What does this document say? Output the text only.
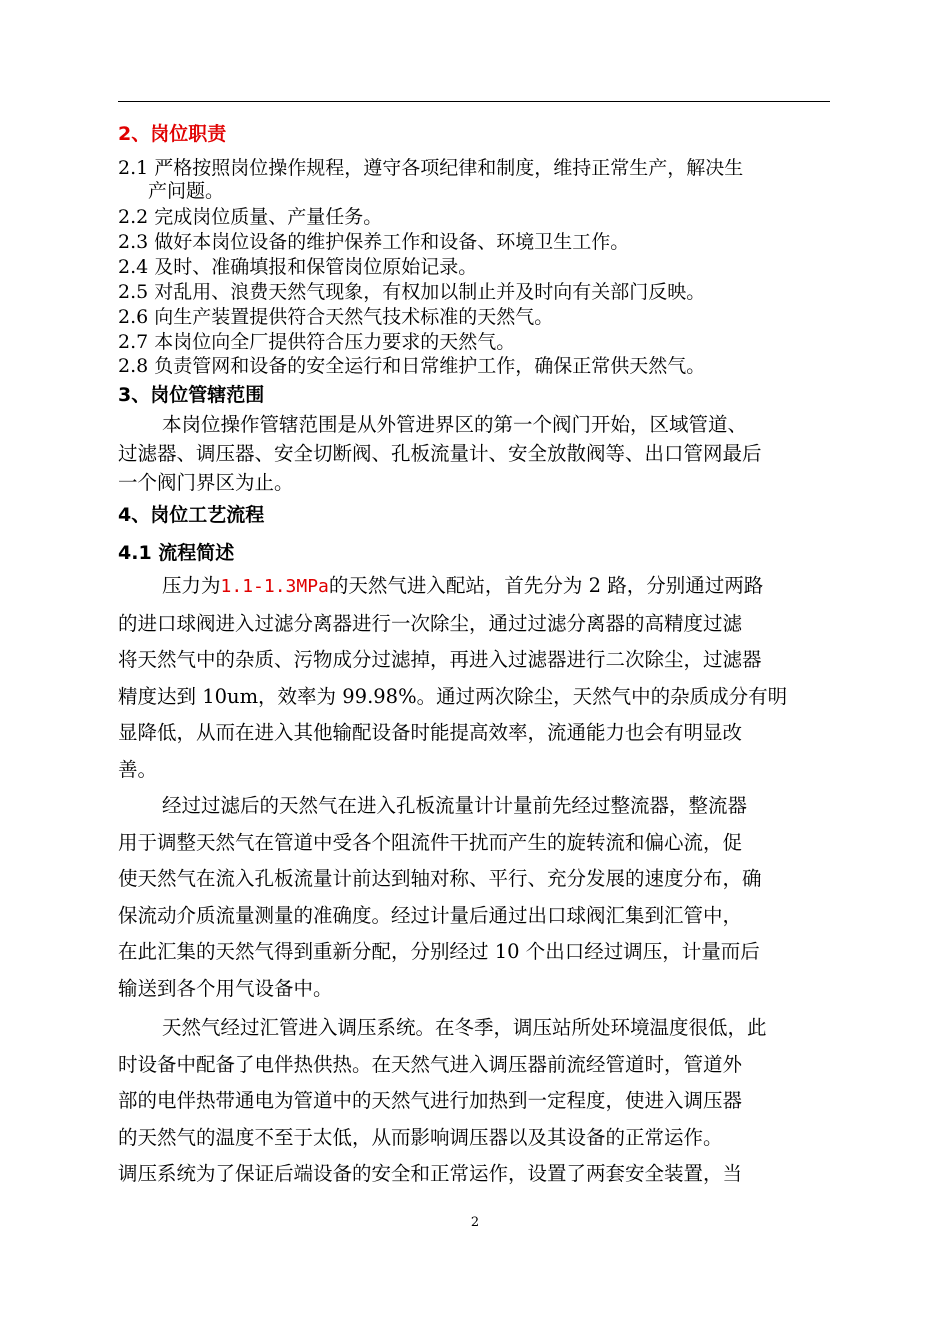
2、岗位职责
2.1 严格按照岗位操作规程，遵守各项纪律和制度，维持正常生产，解决生
产问题。
2.2 完成岗位质量、产量任务。
2.3 做好本岗位设备的维护保养工作和设备、环境卫生工作。
2.4 及时、准确填报和保管岗位原始记录。
2.5 对乱用、浪费天然气现象，有权加以制止并及时向有关部门反映。
2.6 向生产装置提供符合天然气技术标准的天然气。
2.7 本岗位向全厂提供符合压力要求的天然气。
2.8 负责管网和设备的安全运行和日常维护工作，确保正常供天然气。
3、岗位管辖范围
本岗位操作管辖范围是从外管进界区的第一个阀门开始，区域管道、
过滤器、调压器、安全切断阀、孔板流量计、安全放散阀等、出口管网最后
一个阀门界区为止。
4、岗位工艺流程
4.1 流程简述
压力为1.1-1.3MPa的天然气进入配站，首先分为 2 路，分别通过两路
的进口球阀进入过滤分离器进行一次除尘，通过过滤分离器的高精度过滤
将天然气中的杂质、污物成分过滤掉，再进入过滤器进行二次除尘，过滤器
精度达到 10um，效率为 99.98%。通过两次除尘，天然气中的杂质成分有明
显降低，从而在进入其他输配设备时能提高效率，流通能力也会有明显改
善。
经过过滤后的天然气在进入孔板流量计计量前先经过整流器，整流器
用于调整天然气在管道中受各个阻流件干扰而产生的旋转流和偏心流，促
使天然气在流入孔板流量计前达到轴对称、平行、充分发展的速度分布，确
保流动介质流量测量的准确度。经过计量后通过出口球阀汇集到汇管中，
在此汇集的天然气得到重新分配，分别经过 10 个出口经过调压，计量而后
输送到各个用气设备中。
天然气经过汇管进入调压系统。在冬季，调压站所处环境温度很低，此
时设备中配备了电伴热供热。在天然气进入调压器前流经管道时，管道外
部的电伴热带通电为管道中的天然气进行加热到一定程度，使进入调压器
的天然气的温度不至于太低，从而影响调压器以及其设备的正常运作。
调压系统为了保证后端设备的安全和正常运作，设置了两套安全装置，当
2
